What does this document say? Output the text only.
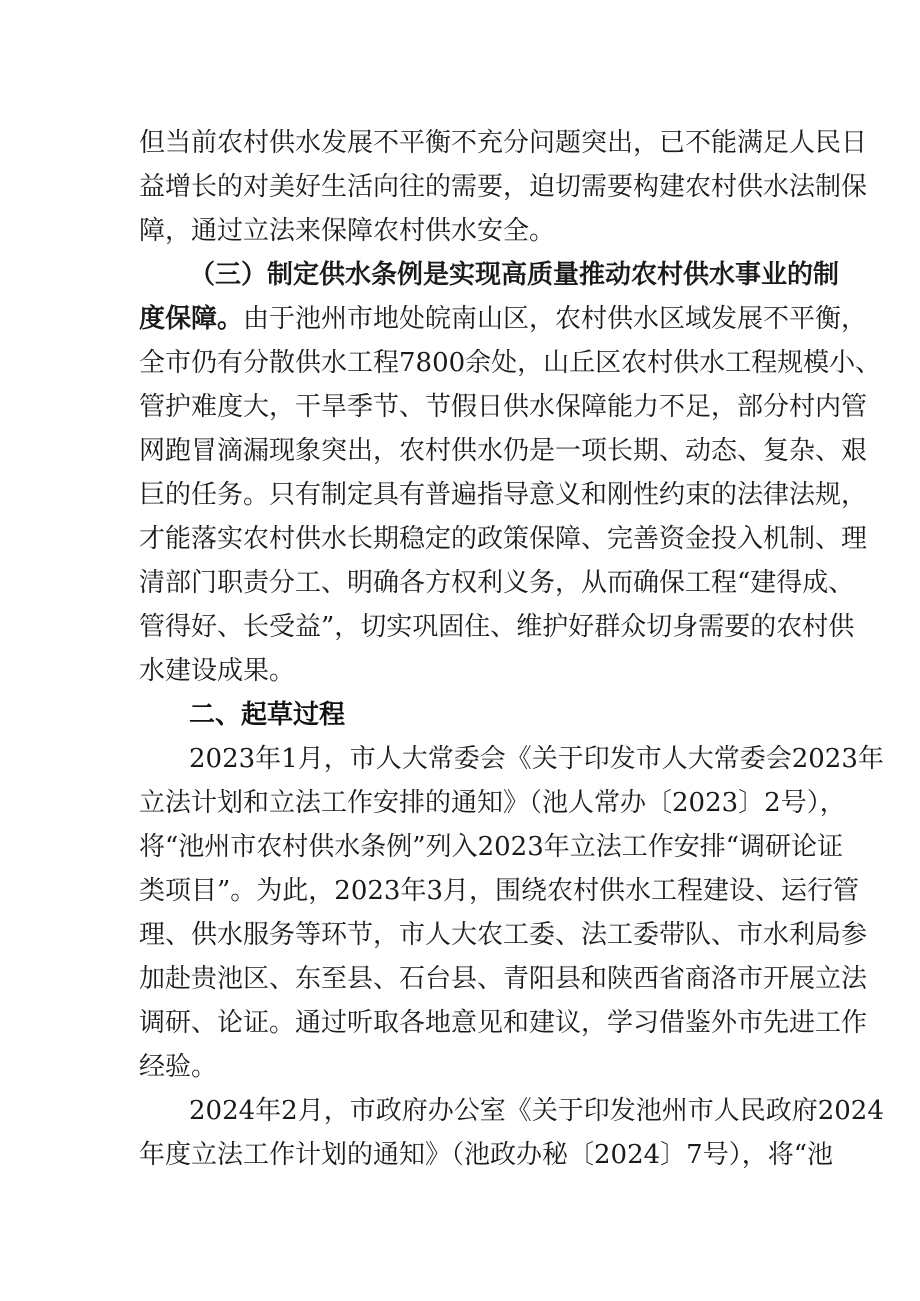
但当前农村供水发展不平衡不充分问题突出，已不能满足人民日
益增长的对美好生活向往的需要，迫切需要构建农村供水法制保
障，通过立法来保障农村供水安全。
（三）制定供水条例是实现高质量推动农村供水事业的制
度保障。由于池州市地处皖南山区，农村供水区域发展不平衡，
全市仍有分散供水工程7800余处，山丘区农村供水工程规模小、
管护难度大，干旱季节、节假日供水保障能力不足，部分村内管
网跑冒滴漏现象突出，农村供水仍是一项长期、动态、复杂、艰
巨的任务。只有制定具有普遍指导意义和刚性约束的法律法规，
才能落实农村供水长期稳定的政策保障、完善资金投入机制、理
清部门职责分工、明确各方权利义务，从而确保工程“建得成、
管得好、长受益”，切实巩固住、维护好群众切身需要的农村供
水建设成果。
二、起草过程
2023年1月，市人大常委会《关于印发市人大常委会2023年
立法计划和立法工作安排的通知》（池人常办〔2023〕2号），
将“池州市农村供水条例”列入2023年立法工作安排“调研论证
类项目”。为此，2023年3月，围绕农村供水工程建设、运行管
理、供水服务等环节，市人大农工委、法工委带队、市水利局参
加赴贵池区、东至县、石台县、青阳县和陕西省商洛市开展立法
调研、论证。通过听取各地意见和建议，学习借鉴外市先进工作
经验。
2024年2月，市政府办公室《关于印发池州市人民政府2024
年度立法工作计划的通知》（池政办秘〔2024〕7号），将“池
